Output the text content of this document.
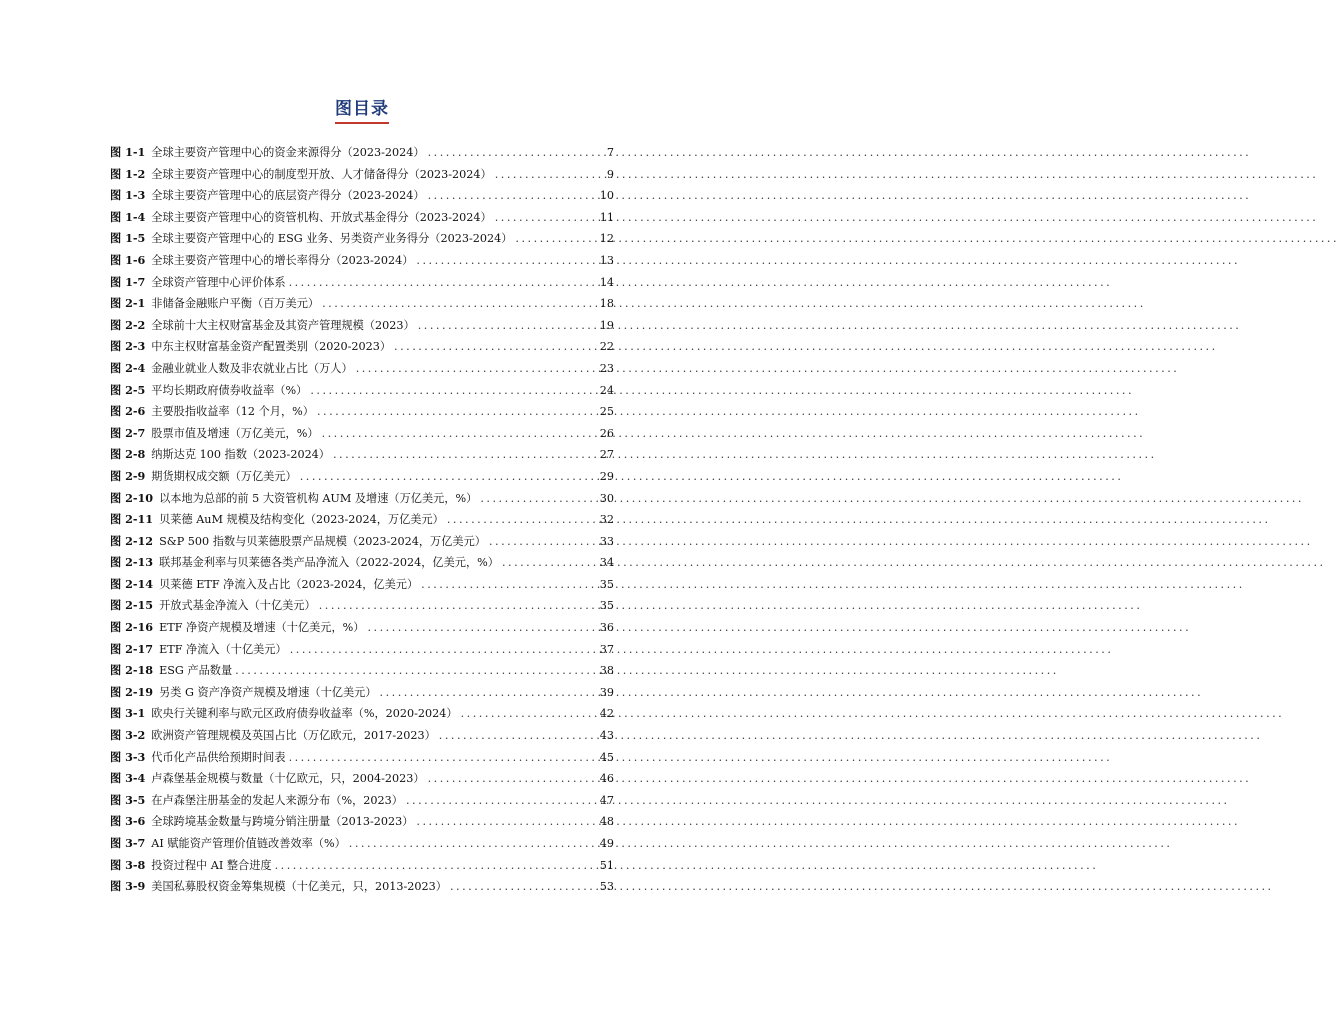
图目录
图 1-1 全球主要资产管理中心的资金来源得分（2023-2024） .....	7
图 1-2 全球主要资产管理中心的制度型开放、人才储备得分（2023-2024） .....	9
图 1-3 全球主要资产管理中心的底层资产得分（2023-2024） .....	10
图 1-4 全球主要资产管理中心的资管机构、开放式基金得分（2023-2024） .....	11
图 1-5 全球主要资产管理中心的 ESG 业务、另类资产业务得分（2023-2024） .....	12
图 1-6 全球主要资产管理中心的增长率得分（2023-2024） .....	13
图 1-7 全球资产管理中心评价体系 .....	14
图 2-1 非储备金融账户平衡（百万美元） .....	18
图 2-2 全球前十大主权财富基金及其资产管理规模（2023） .....	19
图 2-3 中东主权财富基金资产配置类别（2020-2023） .....	22
图 2-4 金融业就业人数及非农就业占比（万人） .....	23
图 2-5 平均长期政府债券收益率（%） .....	24
图 2-6 主要股指收益率（12 个月，%） .....	25
图 2-7 股票市值及增速（万亿美元，%） .....	26
图 2-8 纳斯达克 100 指数（2023-2024） .....	27
图 2-9 期货期权成交额（万亿美元） .....	29
图 2-10 以本地为总部的前 5 大资管机构 AUM 及增速（万亿美元，%） .....	30
图 2-11 贝莱德 AuM 规模及结构变化（2023-2024，万亿美元） .....	32
图 2-12 S&P 500 指数与贝莱德股票产品规模（2023-2024，万亿美元） .....	33
图 2-13 联邦基金利率与贝莱德各类产品净流入（2022-2024，亿美元，%） .....	34
图 2-14 贝莱德 ETF 净流入及占比（2023-2024，亿美元） .....	35
图 2-15 开放式基金净流入（十亿美元） .....	35
图 2-16 ETF 净资产规模及增速（十亿美元，%） .....	36
图 2-17 ETF 净流入（十亿美元） .....	37
图 2-18 ESG 产品数量 .....	38
图 2-19 另类 G 资产净资产规模及增速（十亿美元） .....	39
图 3-1 欧央行关键利率与欧元区政府债券收益率（%，2020-2024） .....	42
图 3-2 欧洲资产管理规模及英国占比（万亿欧元，2017-2023） .....	43
图 3-3 代币化产品供给预期时间表 .....	45
图 3-4 卢森堡基金规模与数量（十亿欧元，只，2004-2023） .....	46
图 3-5 在卢森堡注册基金的发起人来源分布（%，2023） .....	47
图 3-6 全球跨境基金数量与跨境分销注册量（2013-2023） .....	48
图 3-7 AI 赋能资产管理价值链改善效率（%） .....	49
图 3-8 投资过程中 AI 整合进度 .....	51
图 3-9 美国私募股权资金筹集规模（十亿美元，只，2013-2023） .....	53
